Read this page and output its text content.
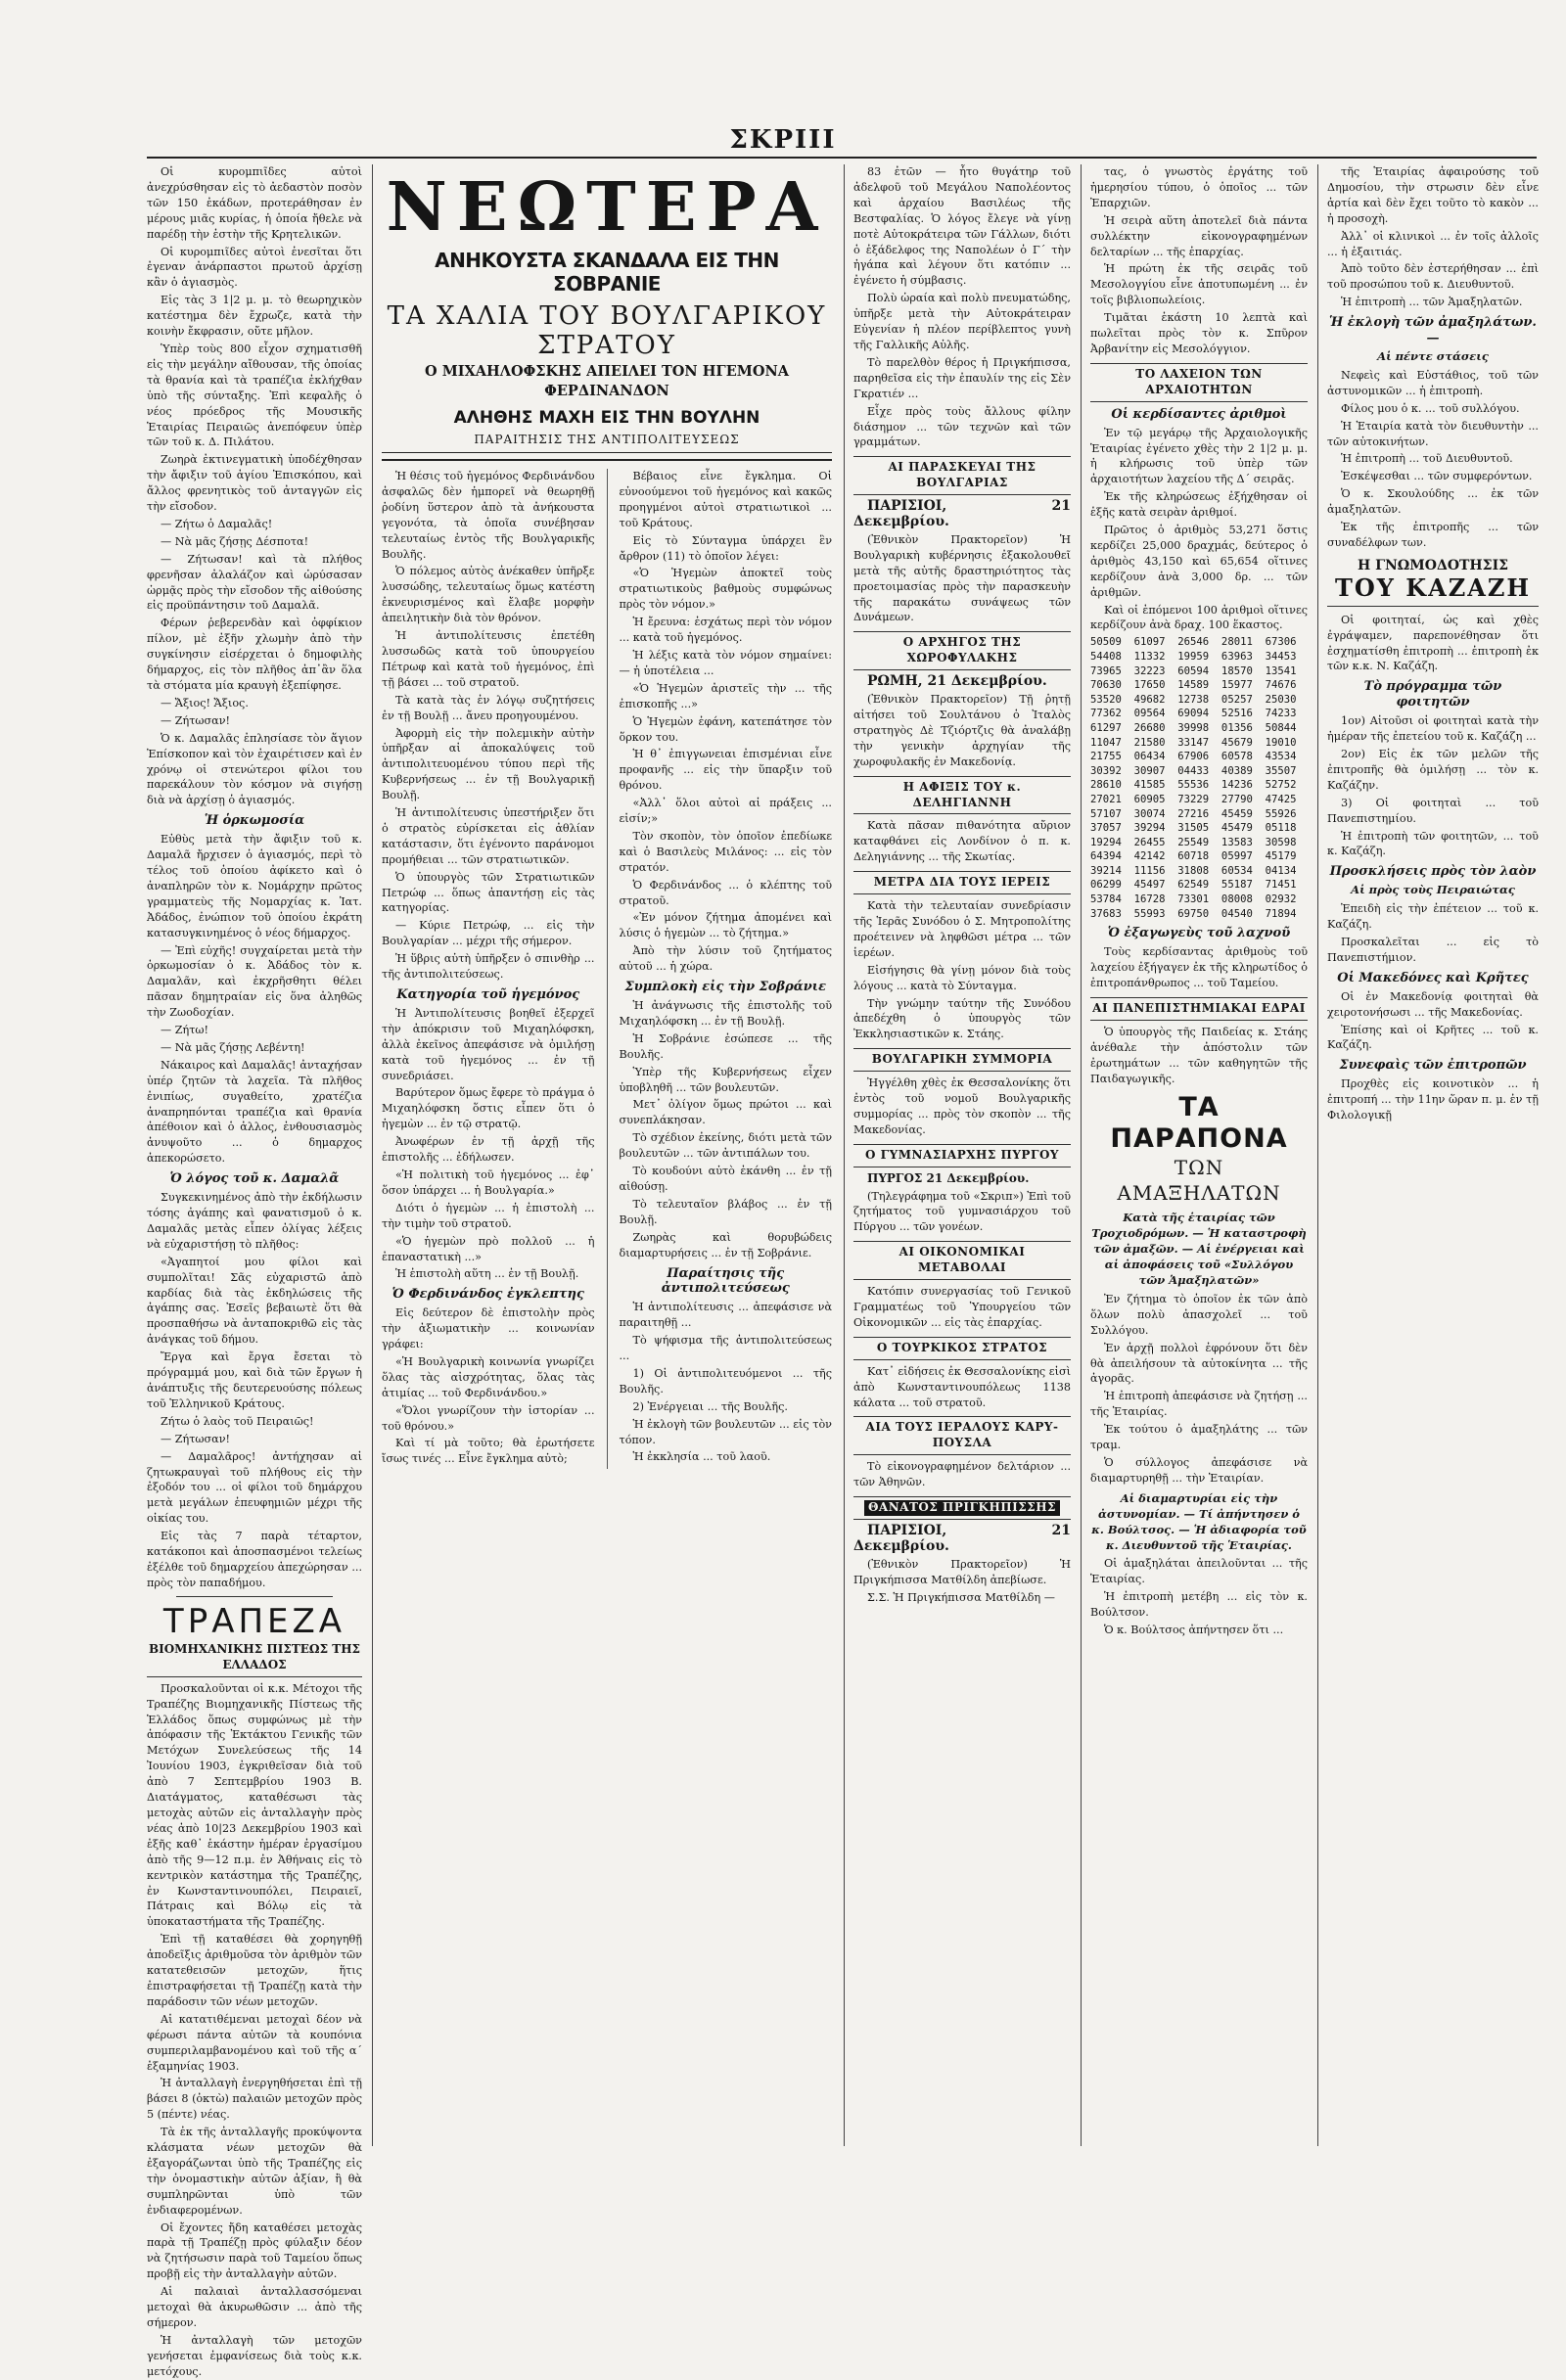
ΣΚΡΙΙΙ

Οἱ κυρομπιῖδες αὐτοὶ ἀνεχρύσθησαν εἰς τὸ ἀεδαστὸν ποσὸν τῶν 150 ἐκάδων, προτεράθησαν ἐν μέρους μιᾶς κυρίας, ἡ ὁποία ἤθελε νὰ παρέδῃ τὴν ἑστὴν τῆς Κρητελικῶν.

Οἱ κυρομπιῖδες αὐτοὶ ἐνεσῖται ὅτι ἐγεναν ἀνάρπαστοι πρωτοῦ ἀρχίσῃ κἂν ὁ ἀγιασμὸς.

Εἰς τὰς 3 1|2 μ. μ. τὸ θεωρηχικὸν κατέστημα δὲν ἔχρωζε, κατὰ τὴν κοινὴν ἔκφρασιν, οὔτε μῆλον.

Ὑπὲρ τοὺς 800 εἶχον σχηματισθῆ εἰς τὴν μεγάλην αἴθουσαν, τῆς ὁποίας τὰ θρανία καὶ τὰ τραπέζια ἐκλήχθαν ὑπὸ τῆς σύνταξης. Ἐπὶ κεφαλῆς ὁ νέος πρόεδρος τῆς Μουσικῆς Ἑταιρίας Πειραιῶς ἀνεπόφευν ὑπὲρ τῶν τοῦ κ. Δ. Πιλάτου.

Ζωηρὰ ἐκτινεγματικὴ ὑποδέχθησαν τὴν ἄφιξιν τοῦ ἁγίου Ἐπισκόπου, καὶ ἄλλος φρενητικὸς τοῦ ἀνταγγῶν εἰς τὴν εἴσοδον.

— Ζήτω ὁ Δαμαλᾶς!

— Νὰ μᾶς ζήσῃς Δέσποτα!

— Ζήτωσαν! καὶ τὰ πλήθος φρενῆσαν ἀλαλάζον καὶ ὡρύσασαν ὡρμᾷς πρὸς τὴν εἴσοδον τῆς αἰθούσης εἰς προϋπάντησιν τοῦ Δαμαλᾶ.

Φέρων ῥεβερενδὰν καὶ ὀφφίκιον πίλον, μὲ ἐξῆν χλωμὴν ἀπὸ τὴν συγκίνησιν εἰσέρχεται ὁ δημοφιλὴς δήμαρχος, εἰς τὸν πλῆθος ἀπ᾽ἂν ὅλα τὰ στόματα μία κραυγὴ ἐξεπίφησε.

— Ἄξιος! Ἄξιος.

— Ζήτωσαν!

Ὁ κ. Δαμαλᾶς ἐπλησίασε τὸν ἅγιον Ἐπίσκοπον καὶ τὸν ἐχαιρέτισεν καὶ ἐν χρόνῳ οἱ στενώτεροι φίλοι του παρεκάλουν τὸν κόσμον νὰ σιγήσῃ διὰ νὰ ἀρχίσῃ ὁ ἁγιασμός.

Ἡ ὁρκωμοσία

Εὐθὺς μετὰ τὴν ἄφιξιν τοῦ κ. Δαμαλᾶ ἤρχισεν ὁ ἁγιασμός, περὶ τὸ τέλος τοῦ ὁποίου ἀφίκετο καὶ ὁ ἀναπληρῶν τὸν κ. Νομάρχην πρῶτος γραμματεὺς τῆς Νομαρχίας κ. Ἰατ. Ἀδάδος, ἐνώπιον τοῦ ὁποίου ἐκράτη κατασυγκινημένος ὁ νέος δήμαρχος.

— Ἐπὶ εὐχῆς! συγχαίρεται μετὰ τὴν ὁρκωμοσίαν ὁ κ. Ἀδάδος τὸν κ. Δαμαλᾶν, καὶ ἐκχρῆσθητι θέλει πᾶσαν δημητραίαν εἰς ὅνα ἀληθῶς τὴν Ζωοδοχίαν.

— Ζήτω!

— Νὰ μᾶς ζήσῃς Λεβέντη!

Νάκαιρος καὶ Δαμαλᾶς! ἀνταχήσαν ὑπέρ ζητῶν τὰ λαχεῖα. Τὰ πλῆθος ἐνιπίως, συγαθείτο, χρατέζια ἀναπρηπόνται τραπέζια καὶ θρανία ἀπέθοιον καὶ ὁ ἀλλος, ἐνθουσιασμὸς ἀνυψοῦτο ... ὁ δημαρχος ἀπεκορώσετο.

Ὁ λόγος τοῦ κ. Δαμαλᾶ

Συγκεκινημένος ἀπὸ τὴν ἐκδήλωσιν τόσης ἀγάπης καὶ φανατισμοῦ ὁ κ. Δαμαλᾶς μετὰς εἶπεν ὀλίγας λέξεις νὰ εὐχαριστήσῃ τὸ πλῆθος:

«Ἀγαπητοί μου φίλοι καὶ συμπολῖται! Σᾶς εὐχαριστῶ ἀπὸ καρδίας διὰ τὰς ἐκδηλώσεις τῆς ἀγάπης σας. Ἐσεῖς βεβαιωτὲ ὅτι θὰ προσπαθήσω νὰ ἀνταποκριθῶ εἰς τὰς ἀνάγκας τοῦ δήμου.

Ἔργα καὶ ἔργα ἔσεται τὸ πρόγραμμά μου, καὶ διὰ τῶν ἔργων ἡ ἀνάπτυξις τῆς δευτερευούσης πόλεως τοῦ Ἑλληνικοῦ Κράτους.

Ζήτω ὁ λαὸς τοῦ Πειραιῶς!

— Ζήτωσαν!

— Δαμαλᾶρος! ἀντήχησαν αἱ ζητωκραυγαὶ τοῦ πλήθους εἰς τὴν ἐξοδόν του ... οἱ φίλοι τοῦ δημάρχου μετὰ μεγάλων ἐπευφημιῶν μέχρι τῆς οἰκίας του.

Εἰς τὰς 7 παρὰ τέταρτον, κατάκοποι καὶ ἀποσπασμένοι τελείως ἐξέλθε τοῦ δημαρχείου ἀπεχώρησαν ... πρὸς τὸν παπαδήμου.

ΤΡΑΠΕΖΑ
ΒΙΟΜΗΧΑΝΙΚΗΣ ΠΙΣΤΕΩΣ ΤΗΣ ΕΛΛΑΔΟΣ

Προσκαλοῦνται οἱ κ.κ. Μέτοχοι τῆς Τραπέζης Βιομηχανικῆς Πίστεως τῆς Ἑλλάδος ὅπως συμφώνως μὲ τὴν ἀπόφασιν τῆς Ἐκτάκτου Γενικῆς τῶν Μετόχων Συνελεύσεως τῆς 14 Ἰουνίου 1903, ἐγκριθεῖσαν διὰ τοῦ ἀπὸ 7 Σεπτεμβρίου 1903 Β. Διατάγματος, καταθέσωσι τὰς μετοχὰς αὐτῶν εἰς ἀνταλλαγὴν πρὸς νέας ἀπὸ 10|23 Δεκεμβρίου 1903 καὶ ἑξῆς καθ᾽ ἑκάστην ἡμέραν ἐργασίμου ἀπὸ τῆς 9—12 π.μ. ἐν Ἀθήναις εἰς τὸ κεντρικὸν κατάστημα τῆς Τραπέζης, ἐν Κωνσταντινουπόλει, Πειραιεῖ, Πάτραις καὶ Βόλῳ εἰς τὰ ὑποκαταστήματα τῆς Τραπέζης.

Ἐπὶ τῇ καταθέσει θὰ χορηγηθῇ ἀποδεῖξις ἀριθμοῦσα τὸν ἀριθμὸν τῶν κατατεθεισῶν μετοχῶν, ἥτις ἐπιστραφήσεται τῇ Τραπέζῃ κατὰ τὴν παράδοσιν τῶν νέων μετοχῶν.

Αἱ κατατιθέμεναι μετοχαὶ δέον νὰ φέρωσι πάντα αὐτῶν τὰ κουπόνια συμπεριλαμβανομένου καὶ τοῦ τῆς α΄ ἑξαμηνίας 1903.

Ἡ ἀνταλλαγὴ ἐνεργηθήσεται ἐπὶ τῇ βάσει 8 (ὀκτὼ) παλαιῶν μετοχῶν πρὸς 5 (πέντε) νέας.

Τὰ ἐκ τῆς ἀνταλλαγῆς προκύψοντα κλάσματα νέων μετοχῶν θὰ ἐξαγοράζωνται ὑπὸ τῆς Τραπέζης εἰς τὴν ὀνομαστικὴν αὐτῶν ἀξίαν, ἢ θὰ συμπληρῶνται ὑπὸ τῶν ἐνδιαφερομένων.

Οἱ ἔχοντες ἤδη καταθέσει μετοχὰς παρὰ τῇ Τραπέζῃ πρὸς φύλαξιν δέον νὰ ζητήσωσιν παρὰ τοῦ Ταμείου ὅπως προβῇ εἰς τὴν ἀνταλλαγὴν αὐτῶν.

Αἱ παλαιαὶ ἀνταλλασσόμεναι μετοχαὶ θὰ ἀκυρωθῶσιν ... ἀπὸ τῆς σήμερον.

Ἡ ἀνταλλαγὴ τῶν μετοχῶν γενήσεται ἐμφανίσεως διὰ τοὺς κ.κ. μετόχους.

ΝΕΩΤΕΡΑ
ΑΝΗΚΟΥΣΤΑ ΣΚΑΝΔΑΛΑ ΕΙΣ ΤΗΝ ΣΟΒΡΑΝΙΕ
ΤΑ ΧΑΛΙΑ ΤΟΥ ΒΟΥΛΓΑΡΙΚΟΥ ΣΤΡΑΤΟΥ
Ο ΜΙΧΑΗΛΟΦΣΚΗΣ ΑΠΕΙΛΕΙ ΤΟΝ ΗΓΕΜΟΝΑ ΦΕΡΔΙΝΑΝΔΟΝ
ΑΛΗΘΗΣ ΜΑΧΗ ΕΙΣ ΤΗΝ ΒΟΥΛΗΝ
ΠΑΡΑΙΤΗΣΙΣ ΤΗΣ ΑΝΤΙΠΟΛΙΤΕΥΣΕΩΣ

Ἡ θέσις τοῦ ἡγεμόνος Φερδινάνδου ἀσφαλῶς δὲν ἠμπορεῖ νὰ θεωρηθῇ ῥοδίνη ὕστερον ἀπὸ τὰ ἀνήκουστα γεγονότα, τὰ ὁποῖα συνέβησαν τελευταίως ἐντὸς τῆς Βουλγαρικῆς Βουλῆς.

Ὁ πόλεμος αὐτὸς ἀνέκαθεν ὑπῆρξε λυσσώδης, τελευταίως ὅμως κατέστη ἐκνευρισμένος καὶ ἔλαβε μορφὴν ἀπειλητικὴν διὰ τὸν θρόνον.

Ἡ ἀντιπολίτευσις ἐπετέθη λυσσωδῶς κατὰ τοῦ ὑπουργείου Πέτρωφ καὶ κατὰ τοῦ ἡγεμόνος, ἐπὶ τῇ βάσει ... τοῦ στρατοῦ.

Τὰ κατὰ τὰς ἐν λόγῳ συζητήσεις ἐν τῇ Βουλῇ ... ἄνευ προηγουμένου.

Ἀφορμὴ εἰς τὴν πολεμικὴν αὐτὴν ὑπῆρξαν αἱ ἀποκαλύψεις τοῦ ἀντιπολιτευομένου τύπου περὶ τῆς Κυβερνήσεως ... ἐν τῇ Βουλγαρικῇ Βουλῇ.

Ἡ ἀντιπολίτευσις ὑπεστήριξεν ὅτι ὁ στρατὸς εὑρίσκεται εἰς ἀθλίαν κατάστασιν, ὅτι ἐγένοντο παράνομοι προμήθειαι ... τῶν στρατιωτικῶν.

Ὁ ὑπουργὸς τῶν Στρατιωτικῶν Πετρώφ ... ὅπως ἀπαντήσῃ εἰς τὰς κατηγορίας.

— Κύριε Πετρώφ, ... εἰς τὴν Βουλγαρίαν ... μέχρι τῆς σήμερον.

Ἡ ὕβρις αὐτὴ ὑπῆρξεν ὁ σπινθὴρ ... τῆς ἀντιπολιτεύσεως.

Κατηγορία τοῦ ἡγεμόνος

Ἡ Ἀντιπολίτευσις βοηθεῖ ἐξερχεῖ τὴν ἀπόκρισιν τοῦ Μιχαηλόφσκη, ἀλλὰ ἐκεῖνος ἀπεφάσισε νὰ ὁμιλήσῃ κατὰ τοῦ ἡγεμόνος ... ἐν τῇ συνεδριάσει.

Βαρύτερον ὅμως ἔφερε τὸ πράγμα ὁ Μιχαηλόφσκη ὅστις εἶπεν ὅτι ὁ ἡγεμὼν ... ἐν τῷ στρατῷ.

Ἀνωφέρων ἐν τῇ ἀρχῇ τῆς ἐπιστολῆς ... ἐδήλωσεν.

«Ἡ πολιτικὴ τοῦ ἡγεμόνος ... ἐφ᾽ ὅσον ὑπάρχει ... ἡ Βουλγαρία.»

Διότι ὁ ἡγεμὼν ... ἡ ἐπιστολὴ ... τὴν τιμὴν τοῦ στρατοῦ.

«Ὁ ἡγεμὼν πρὸ πολλοῦ ... ἡ ἐπαναστατικὴ ...»

Ἡ ἐπιστολὴ αὕτη ... ἐν τῇ Βουλῇ.

Ὁ Φερδινάνδος ἐγκλεπτης

Εἰς δεύτερον δὲ ἐπιστολὴν πρὸς τὴν ἀξιωματικὴν ... κοινωνίαν γράφει:

«Ἡ Βουλγαρικὴ κοινωνία γνωρίζει ὅλας τὰς αἰσχρότητας, ὅλας τὰς ἀτιμίας ... τοῦ Φερδινάνδου.»

«Ὅλοι γνωρίζουν τὴν ἱστορίαν ... τοῦ θρόνου.»

Καὶ τί μὰ τοῦτο; θὰ ἐρωτήσετε ἴσως τινές ... Εἶνε ἔγκλημα αὐτὸ;

Βέβαιος εἶνε ἔγκλημα. Οἱ εὐνοούμενοι τοῦ ἡγεμόνος καὶ κακῶς προηγμένοι αὐτοὶ στρατιωτικοὶ ... τοῦ Κράτους.

Εἰς τὸ Σύνταγμα ὑπάρχει ἓν ἄρθρον (11) τὸ ὁποῖον λέγει:

«Ὁ Ἡγεμὼν ἀποκτεῖ τοὺς στρατιωτικοὺς βαθμοὺς συμφώνως πρὸς τὸν νόμον.»

Ἡ ἔρευνα: ἐσχάτως περὶ τὸν νόμον ... κατὰ τοῦ ἡγεμόνος.

Ἡ λέξις κατὰ τὸν νόμον σημαίνει: — ἡ ὑποτέλεια ...

«Ὁ Ἡγεμὼν ἀριστεῖς τὴν ... τῆς ἐπισκοπῆς ...»

Ὁ Ἡγεμὼν ἐφάνη, κατεπάτησε τὸν ὅρκον του.

Ἡ θ᾽ ἐπιγγωνειαι ἐπισμένιαι εἶνε προφανῆς ... εἰς τὴν ὕπαρξιν τοῦ θρόνου.

«Ἀλλ᾽ ὅλοι αὐτοὶ αἱ πράξεις ... εἰσίν;»

Τὸν σκοπὸν, τὸν ὁποῖον ἐπεδίωκε καὶ ὁ Βασιλεὺς Μιλάνος: ... εἰς τὸν στρατόν.

Ὁ Φερδινάνδος ... ὁ κλέπτης τοῦ στρατοῦ.

«Ἐν μόνον ζήτημα ἀπομένει καὶ λύσις ὁ ἡγεμὼν ... τὸ ζήτημα.»

Ἀπὸ τὴν λύσιν τοῦ ζητήματος αὐτοῦ ... ἡ χώρα.

Συμπλοκὴ εἰς τὴν Σοβράνιε

Ἡ ἀνάγνωσις τῆς ἐπιστολῆς τοῦ Μιχαηλόφσκη ... ἐν τῇ Βουλῇ.

Ἡ Σοβράνιε ἐσώπεσε ... τῆς Βουλῆς.

Ὑπὲρ τῆς Κυβερνήσεως εἶχεν ὑποβληθῆ ... τῶν βουλευτῶν.

Μετ᾽ ὀλίγον ὅμως πρώτοι ... καὶ συνεπλάκησαν.

Τὸ σχέδιον ἐκείνης, διότι μετὰ τῶν βουλευτῶν ... τῶν ἀντιπάλων του.

Τὸ κουδούνι αὐτὸ ἐκάνθη ... ἐν τῇ αἰθούσῃ.

Τὸ τελευταῖον βλάβος ... ἐν τῇ Βουλῇ.

Ζωηρὰς καὶ θορυβώδεις διαμαρτυρήσεις ... ἐν τῇ Σοβράνιε.

Παραίτησις τῆς ἀντιπολιτεύσεως

Ἡ ἀντιπολίτευσις ... ἀπεφάσισε νὰ παραιτηθῇ ...

Τὸ ψήφισμα τῆς ἀντιπολιτεύσεως ...

1) Οἱ ἀντιπολιτευόμενοι ... τῆς Βουλῆς.

2) Ἐνέργειαι ... τῆς Βουλῆς.

Ἡ ἐκλογὴ τῶν βουλευτῶν ... εἰς τὸν τόπον.

Ἡ ἐκκλησία ... τοῦ λαοῦ.

83 ἐτῶν — ἦτο θυγάτηρ τοῦ ἀδελφοῦ τοῦ Μεγάλου Ναπολέοντος καὶ ἀρχαίου Βασιλέως τῆς Βεστφαλίας. Ὁ λόγος ἔλεγε νὰ γίνῃ ποτὲ Αὐτοκράτειρα τῶν Γάλλων, διότι ὁ ἐξάδελφος της Ναπολέων ὁ Γ΄ τὴν ἠγάπα καὶ λέγουν ὅτι κατόπιν ... ἐγένετο ἡ σύμβασις.

Πολὺ ὡραία καὶ πολὺ πνευματώδης, ὑπῆρξε μετὰ τὴν Αὐτοκράτειραν Εὐγενίαν ἡ πλέον περίβλεπτος γυνὴ τῆς Γαλλικῆς Αὐλῆς.

Τὸ παρελθὸν θέρος ἡ Πριγκήπισσα, παρηθεῖσα εἰς τὴν ἐπαυλίν της εἰς Σὲν Γκρατιέν ...

Εἶχε πρὸς τοὺς ἄλλους φίλην διάσημον ... τῶν τεχνῶν καὶ τῶν γραμμάτων.

ΑΙ ΠΑΡΑΣΚΕΥΑΙ ΤΗΣ ΒΟΥΛΓΑΡΙΑΣ

ΠΑΡΙΣΙΟΙ, 21 Δεκεμβρίου.

(Ἐθνικὸν Πρακτορεῖον) Ἡ Βουλγαρικὴ κυβέρνησις ἐξακολουθεῖ μετὰ τῆς αὐτῆς δραστηριότητος τὰς προετοιμασίας πρὸς τὴν παρασκευὴν τῆς παρακάτω συνάψεως τῶν Δυνάμεων.

Ο ΑΡΧΗΓΟΣ ΤΗΣ ΧΩΡΟΦΥΛΑΚΗΣ

ΡΩΜΗ, 21 Δεκεμβρίου.

(Ἐθνικὸν Πρακτορεῖον) Τῇ ῥητῇ αἰτήσει τοῦ Σουλτάνου ὁ Ἰταλὸς στρατηγὸς Δὲ Τζιόρτζις θὰ ἀναλάβῃ τὴν γενικὴν ἀρχηγίαν τῆς χωροφυλακῆς ἐν Μακεδονίᾳ.

Η ΑΦΙΞΙΣ ΤΟΥ κ. ΔΕΛΗΓΙΑΝΝΗ

Κατὰ πᾶσαν πιθανότητα αὔριον καταφθάνει εἰς Λονδίνον ὁ π. κ. Δεληγιάννης ... τῆς Σκωτίας.

ΜΕΤΡΑ ΔΙΑ ΤΟΥΣ ΙΕΡΕΙΣ

Κατὰ τὴν τελευταίαν συνεδρίασιν τῆς Ἱερᾶς Συνόδου ὁ Σ. Μητροπολίτης προέτεινεν νὰ ληφθῶσι μέτρα ... τῶν ἱερέων.

Εἰσήγησις θὰ γίνῃ μόνον διὰ τοὺς λόγους ... κατὰ τὸ Σύνταγμα.

Τὴν γνώμην ταύτην τῆς Συνόδου ἀπεδέχθη ὁ ὑπουργὸς τῶν Ἐκκλησιαστικῶν κ. Στάης.

ΒΟΥΛΓΑΡΙΚΗ ΣΥΜΜΟΡΙΑ

Ἠγγέλθη χθὲς ἐκ Θεσσαλονίκης ὅτι ἐντὸς τοῦ νομοῦ Βουλγαρικῆς συμμορίας ... πρὸς τὸν σκοπὸν ... τῆς Μακεδονίας.

Ο ΓΥΜΝΑΣΙΑΡΧΗΣ ΠΥΡΓΟΥ

ΠΥΡΓΟΣ 21 Δεκεμβρίου.

(Τηλεγράφημα τοῦ «Σκριπ») Ἐπὶ τοῦ ζητήματος τοῦ γυμνασιάρχου τοῦ Πύργου ... τῶν γονέων.

ΑΙ ΟΙΚΟΝΟΜΙΚΑΙ ΜΕΤΑΒΟΛΑΙ

Κατόπιν συνεργασίας τοῦ Γενικοῦ Γραμματέως τοῦ Ὑπουργείου τῶν Οἰκονομικῶν ... εἰς τὰς ἐπαρχίας.

Ο ΤΟΥΡΚΙΚΟΣ ΣΤΡΑΤΟΣ

Κατ᾽ εἰδήσεις ἐκ Θεσσαλονίκης εἰσὶ ἀπὸ Κωνσταντινουπόλεως 1138 κάλατα ... τοῦ στρατοῦ.

ΑΙΑ ΤΟΥΣ ΙΕΡΑΛΟΥΣ ΚΑΡΥ-ΠΟΥΣΛΑ

Τὸ εἰκονογραφημένον δελτάριον ... τῶν Ἀθηνῶν.

ΘΑΝΑΤΟΣ ΠΡΙΓΚΗΠΙΣΣΗΣ

ΠΑΡΙΣΙΟΙ, 21 Δεκεμβρίου.

(Ἐθνικὸν Πρακτορεῖον) Ἡ Πριγκήπισσα Ματθίλδη ἀπεβίωσε.

Σ.Σ. Ἡ Πριγκήπισσα Ματθίλδη —

τας, ὁ γνωστὸς ἐργάτης τοῦ ἡμερησίου τύπου, ὁ ὁποῖος ... τῶν Ἐπαρχιῶν.

Ἡ σειρὰ αὕτη ἀποτελεῖ διὰ πάντα συλλέκτην εἰκονογραφημένων δελταρίων ... τῆς ἐπαρχίας.

Ἡ πρώτη ἐκ τῆς σειρᾶς τοῦ Μεσολογγίου εἶνε ἀποτυπωμένη ... ἐν τοῖς βιβλιοπωλείοις.

Τιμᾶται ἑκάστη 10 λεπτὰ καὶ πωλεῖται πρὸς τὸν κ. Σπῦρον Ἀρβανίτην εἰς Μεσολόγγιον.

ΤΟ ΛΑΧΕΙΟΝ ΤΩΝ ΑΡΧΑΙΟΤΗΤΩΝ
Οἱ κερδίσαντες ἀριθμοὶ

Ἐν τῷ μεγάρῳ τῆς Ἀρχαιολογικῆς Ἑταιρίας ἐγένετο χθὲς τὴν 2 1|2 μ. μ. ἡ κλήρωσις τοῦ ὑπὲρ τῶν ἀρχαιοτήτων λαχείου τῆς Δ΄ σειρᾶς.

Ἐκ τῆς κληρώσεως ἐξήχθησαν οἱ ἑξῆς κατὰ σειρὰν ἀριθμοί.

Πρῶτος ὁ ἀριθμὸς 53,271 ὅστις κερδίζει 25,000 δραχμάς, δεύτερος ὁ ἀριθμὸς 43,150 καὶ 65,654 οἵτινες κερδίζουν ἀνὰ 3,000 δρ. ... τῶν ἀριθμῶν.

Καὶ οἱ ἑπόμενοι 100 ἀριθμοὶ οἵτινες κερδίζουν ἀνὰ δραχ. 100 ἕκαστος.

50509  61097  26546  28011  67306
54408  11332  19959  63963  34453
73965  32223  60594  18570  13541
70630  17650  14589  15977  74676
53520  49682  12738  05257  25030
77362  09564  69094  52516  74233
61297  26680  39998  01356  50844
11047  21580  33147  45679  19010
21755  06434  67906  60578  43534
30392  30907  04433  40389  35507
28610  41585  55536  14236  52752
27021  60905  73229  27790  47425
57107  30074  27216  45459  55926
37057  39294  31505  45479  05118
19294  26455  25549  13583  30598
64394  42142  60718  05997  45179
39214  11156  31808  60534  04134
06299  45497  62549  55187  71451
53784  16728  73301  08008  02932
37683  55993  69750  04540  71894
Ὁ ἐξαγωγεὺς τοῦ λαχνοῦ

Τοὺς κερδίσαντας ἀριθμοὺς τοῦ λαχείου ἐξήγαγεν ἐκ τῆς κληρωτίδος ὁ ἐπιτροπάνθρωπος ... τοῦ Ταμείου.

ΑΙ ΠΑΝΕΠΙΣΤΗΜΙΑΚΑΙ ΕΔΡΑΙ

Ὁ ὑπουργὸς τῆς Παιδείας κ. Στάης ἀνέθαλε τὴν ἀπόστολιν τῶν ἐρωτημάτων ... τῶν καθηγητῶν τῆς Παιδαγωγικῆς.

ΤΑ ΠΑΡΑΠΟΝΑ
ΤΩΝ ΑΜΑΞΗΛΑΤΩΝ
Κατὰ τῆς ἑταιρίας τῶν Τροχιοδρόμων. — Ἡ καταστροφὴ τῶν ἀμαξῶν. — Αἱ ἐνέργειαι καὶ αἱ ἀποφάσεις τοῦ «Συλλόγου τῶν Ἁμαξηλατῶν»

Ἐν ζήτημα τὸ ὁποῖον ἐκ τῶν ἀπὸ ὅλων πολὺ ἀπασχολεῖ ... τοῦ Συλλόγου.

Ἐν ἀρχῇ πολλοὶ ἐφρόνουν ὅτι δὲν θὰ ἀπειλήσουν τὰ αὐτοκίνητα ... τῆς ἀγορᾶς.

Ἡ ἐπιτροπὴ ἀπεφάσισε νὰ ζητήσῃ ... τῆς Ἑταιρίας.

Ἐκ τούτου ὁ ἁμαξηλάτης ... τῶν τραμ.

Ὁ σύλλογος ἀπεφάσισε νὰ διαμαρτυρηθῇ ... τὴν Ἑταιρίαν.

Αἱ διαμαρτυρίαι εἰς τὴν ἀστυνομίαν. — Τί ἀπήντησεν ὁ κ. Βούλτσος. — Ἡ ἀδιαφορία τοῦ κ. Διευθυντοῦ τῆς Ἑταιρίας.

Οἱ ἁμαξηλάται ἀπειλοῦνται ... τῆς Ἑταιρίας.

Ἡ ἐπιτροπὴ μετέβη ... εἰς τὸν κ. Βούλτσον.

Ὁ κ. Βούλτσος ἀπήντησεν ὅτι ...

τῆς Ἑταιρίας ἀφαιρούσης τοῦ Δημοσίου, τὴν στρωσιν δὲν εἶνε ἀρτία καὶ δὲν ἔχει τοῦτο τὸ κακὸν ... ἡ προσοχὴ.

Ἀλλ᾽ οἱ κλινικοὶ ... ἐν τοῖς ἀλλοῖς ... ἡ ἐξαιτιάς.

Ἀπὸ τοῦτο δὲν ἐστερήθησαν ... ἐπὶ τοῦ προσώπου τοῦ κ. Διευθυντοῦ.

Ἡ ἐπιτροπὴ ... τῶν Ἁμαξηλατῶν.

Ἡ ἐκλογὴ τῶν ἀμαξηλάτων.—
Αἱ πέντε στάσεις

Νεφεὶς καὶ Εὐστάθιος, τοῦ τῶν ἀστυνομικῶν ... ἡ ἐπιτροπὴ.

Φίλος μου ὁ κ. ... τοῦ συλλόγου.

Ἡ Ἑταιρία κατὰ τὸν διευθυντὴν ... τῶν αὐτοκινήτων.

Ἡ ἐπιτροπὴ ... τοῦ Διευθυντοῦ.

Ἐσκέψεσθαι ... τῶν συμφερόντων.

Ὁ κ. Σκουλούδης ... ἐκ τῶν ἀμαξηλατῶν.

Ἐκ τῆς ἐπιτροπῆς ... τῶν συναδέλφων των.

Η ΓΝΩΜΟΔΟΤΗΣΙΣ
ΤΟΥ ΚΑΖΑΖΗ

Οἱ φοιτηταί, ὡς καὶ χθὲς ἐγράψαμεν, παρεπονέθησαν ὅτι ἐσχηματίσθη ἐπιτροπὴ ... ἐπιτροπὴ ἐκ τῶν κ.κ. Ν. Καζάζη.

Τὸ πρόγραμμα τῶν φοιτητῶν

1ον) Αἰτοῦσι οἱ φοιτηταὶ κατὰ τὴν ἡμέραν τῆς ἐπετείου τοῦ κ. Καζάζη ...

2ον) Εἰς ἐκ τῶν μελῶν τῆς ἐπιτροπῆς θὰ ὁμιλήσῃ ... τὸν κ. Καζάζην.

3) Οἱ φοιτηταὶ ... τοῦ Πανεπιστημίου.

Ἡ ἐπιτροπὴ τῶν φοιτητῶν, ... τοῦ κ. Καζάζη.

Προσκλήσεις πρὸς τὸν λαὸν
Αἱ πρὸς τοὺς Πειραιώτας

Ἐπειδὴ εἰς τὴν ἐπέτειον ... τοῦ κ. Καζάζη.

Προσκαλεῖται ... εἰς τὸ Πανεπιστήμιον.

Οἱ Μακεδόνες καὶ Κρῆτες

Οἱ ἐν Μακεδονίᾳ φοιτηταὶ θὰ χειροτονήσωσι ... τῆς Μακεδονίας.

Ἐπίσης καὶ οἱ Κρῆτες ... τοῦ κ. Καζάζη.

Συνεφαὶς τῶν ἐπιτροπῶν

Προχθὲς εἰς κοινοτικὸν ... ἡ ἐπιτροπή ... τὴν 11ην ὥραν π. μ. ἐν τῇ Φιλολογικῇ
